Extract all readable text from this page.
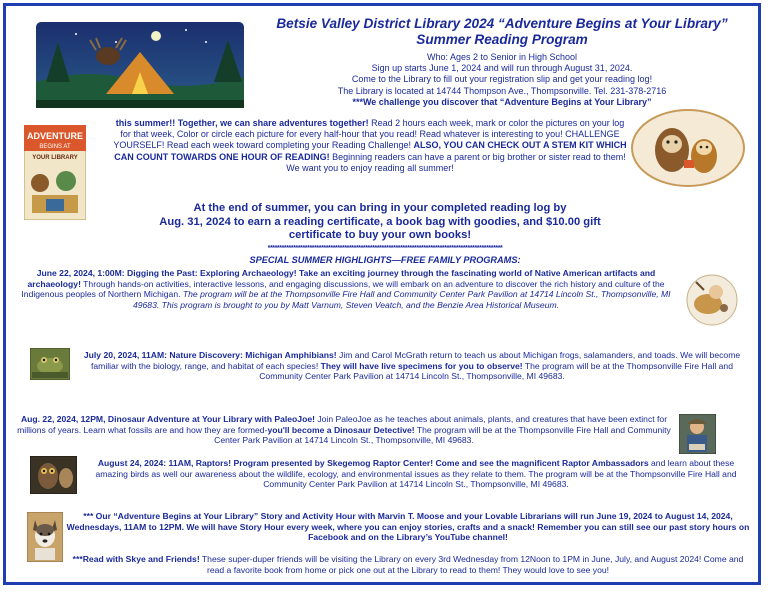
ADVENTURE
BEGINS AT
YOUR LIBRARY
Betsie Valley District Library 2024 “Adventure Begins at Your Library”
Summer Reading Program
Who: Ages 2 to Senior in High School
Sign up starts June 1, 2024 and will run through August 31, 2024.
Come to the Library to fill out your registration slip and get your reading log!
The Library is located at 14744 Thompson Ave., Thompsonville. Tel. 231-378-2716
***We challenge you discover that “Adventure Begins at Your Library”
this summer!! Together, we can share adventures together! Read 2 hours each week, mark or color the pictures on your log for that week, Color or circle each picture for every half-hour that you read! Read whatever is interesting to you! CHALLENGE YOURSELF! Read each week toward completing your Reading Challenge! ALSO, YOU CAN CHECK OUT A STEM KIT WHICH CAN COUNT TOWARDS ONE HOUR OF READING! Beginning readers can have a parent or big brother or sister read to them! We want you to enjoy reading all summer!
At the end of summer, you can bring in your completed reading log by
Aug. 31, 2024 to earn a reading certificate, a book bag with goodies, and $10.00 gift
certificate to buy your own books!
*****************************************************************************************************
SPECIAL SUMMER HIGHLIGHTS—FREE FAMILY PROGRAMS:
June 22, 2024, 1:00M: Digging the Past: Exploring Archaeology! Take an exciting journey through the fascinating world of Native American artifacts and archaeology! Through hands-on activities, interactive lessons, and engaging discussions, we will embark on an adventure to discover the rich history and culture of the Indigenous peoples of Northern Michigan. The program will be at the Thompsonville Fire Hall and Community Center Park Pavilion at 14714 Lincoln St., Thompsonville, MI 49683. This program is brought to you by Matt Varnum, Steven Veatch, and the Benzie Area Historical Museum.
July 20, 2024, 11AM: Nature Discovery: Michigan Amphibians! Jim and Carol McGrath return to teach us about Michigan frogs, salamanders, and toads. We will become familiar with the biology, range, and habitat of each species! They will have live specimens for you to observe! The program will be at the Thompsonville Fire Hall and Community Center Park Pavilion at 14714 Lincoln St., Thompsonville, MI 49683.
Aug. 22, 2024, 12PM, Dinosaur Adventure at Your Library with PaleoJoe! Join PaleoJoe as he teaches about animals, plants, and creatures that have been extinct for millions of years. Learn what fossils are and how they are formed-you'll become a Dinosaur Detective! The program will be at the Thompsonville Fire Hall and Community Center Park Pavilion at 14714 Lincoln St., Thompsonville, MI 49683.
August 24, 2024: 11AM, Raptors! Program presented by Skegemog Raptor Center! Come and see the magnificent Raptor Ambassadors and learn about these amazing birds as well our awareness about the wildlife, ecology, and environmental issues as they relate to them. The program will be at the Thompsonville Fire Hall and Community Center Park Pavilion at 14714 Lincoln St., Thompsonville, MI 49683.
*** Our “Adventure Begins at Your Library” Story and Activity Hour with Marvin T. Moose and your Lovable Librarians will run June 19, 2024 to August 14, 2024, Wednesdays, 11AM to 12PM. We will have Story Hour every week, where you can enjoy stories, crafts and a snack! Remember you can still see our past story hours on Facebook and on the Library’s YouTube channel!
***Read with Skye and Friends! These super-duper friends will be visiting the Library on every 3rd Wednesday from 12Noon to 1PM in June, July, and August 2024! Come and read a favorite book from home or pick one out at the Library to read to them! They would love to see you!
